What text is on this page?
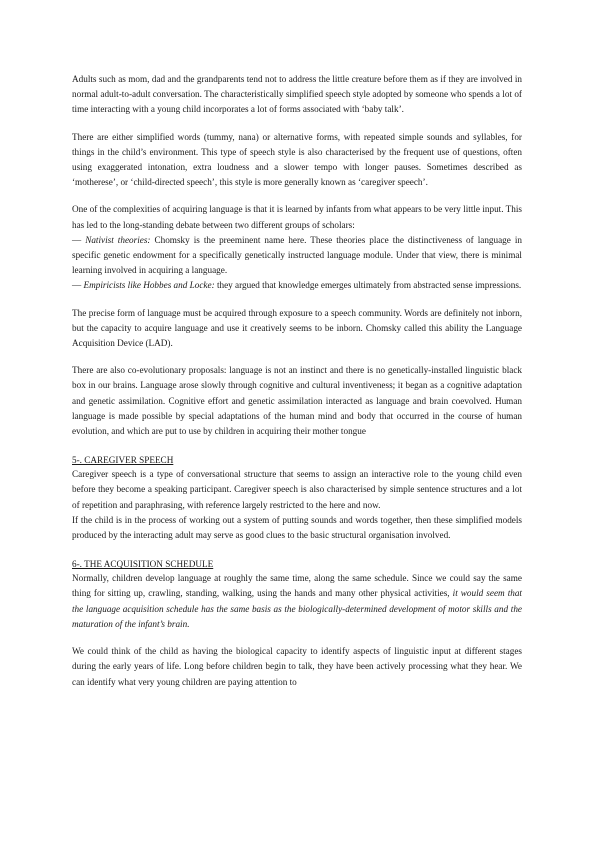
Adults such as mom, dad and the grandparents tend not to address the little creature before them as if they are involved in normal adult-to-adult conversation. The characteristically simplified speech style adopted by someone who spends a lot of time interacting with a young child incorporates a lot of forms associated with ‘baby talk’.

There are either simplified words (tummy, nana) or alternative forms, with repeated simple sounds and syllables, for things in the child’s environment. This type of speech style is also characterised by the frequent use of questions, often using exaggerated intonation, extra loudness and a slower tempo with longer pauses. Sometimes described as ‘motherese’, or ‘child-directed speech’, this style is more generally known as ‘caregiver speech’.

One of the complexities of acquiring language is that it is learned by infants from what appears to be very little input. This has led to the long-standing debate between two different groups of scholars:

— Nativist theories: Chomsky is the preeminent name here. These theories place the distinctiveness of language in specific genetic endowment for a specifically genetically instructed language module. Under that view, there is minimal learning involved in acquiring a language.

— Empiricists like Hobbes and Locke: they argued that knowledge emerges ultimately from abstracted sense impressions.

The precise form of language must be acquired through exposure to a speech community. Words are definitely not inborn, but the capacity to acquire language and use it creatively seems to be inborn. Chomsky called this ability the Language Acquisition Device (LAD).

There are also co-evolutionary proposals: language is not an instinct and there is no genetically-installed linguistic black box in our brains. Language arose slowly through cognitive and cultural inventiveness; it began as a cognitive adaptation and genetic assimilation. Cognitive effort and genetic assimilation interacted as language and brain coevolved. Human language is made possible by special adaptations of the human mind and body that occurred in the course of human evolution, and which are put to use by children in acquiring their mother tongue

5-. CAREGIVER SPEECH

Caregiver speech is a type of conversational structure that seems to assign an interactive role to the young child even before they become a speaking participant. Caregiver speech is also characterised by simple sentence structures and a lot of repetition and paraphrasing, with reference largely restricted to the here and now.

If the child is in the process of working out a system of putting sounds and words together, then these simplified models produced by the interacting adult may serve as good clues to the basic structural organisation involved.

6-. THE ACQUISITION SCHEDULE

Normally, children develop language at roughly the same time, along the same schedule. Since we could say the same thing for sitting up, crawling, standing, walking, using the hands and many other physical activities, it would seem that the language acquisition schedule has the same basis as the biologically-determined development of motor skills and the maturation of the infant’s brain.

We could think of the child as having the biological capacity to identify aspects of linguistic input at different stages during the early years of life. Long before children begin to talk, they have been actively processing what they hear. We can identify what very young children are paying attention to
